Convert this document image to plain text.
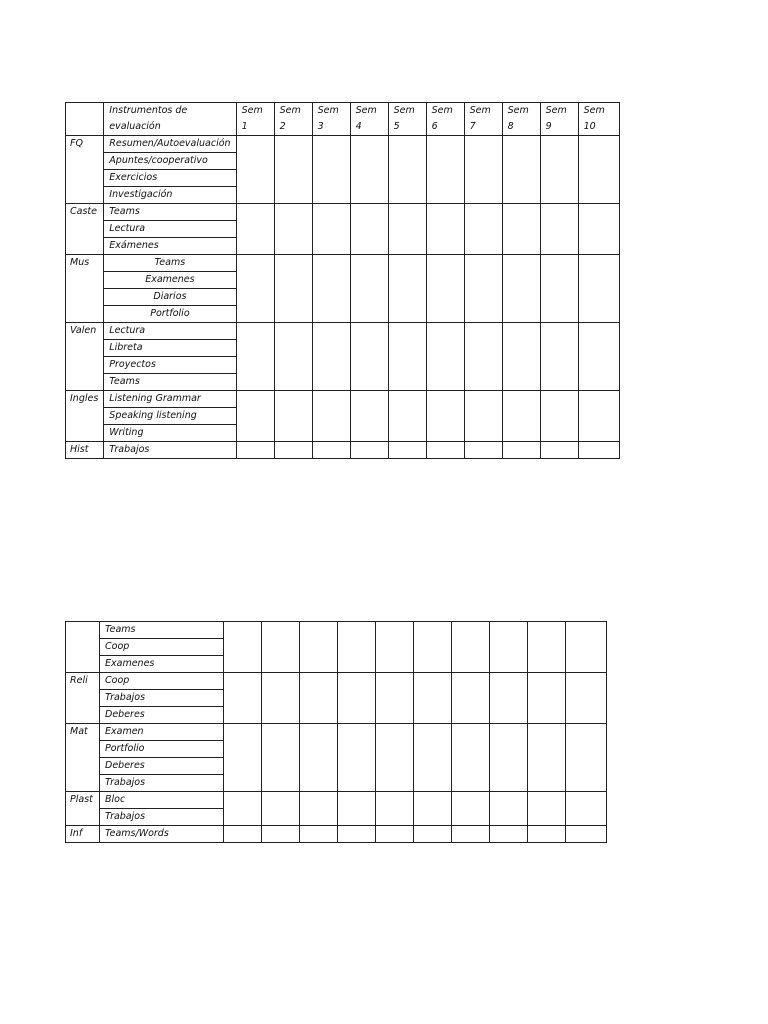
	Instrumentos de evaluación	Sem 1	Sem 2	Sem 3	Sem 4	Sem 5	Sem 6	Sem 7	Sem 8	Sem 9	Sem 10
FQ	Resumen/Autoevaluación										
	Apuntes/cooperativo										
	Exercicios										
	Investigación										
Caste	Teams										
	Lectura										
	Exámenes										
Mus	Teams										
	Examenes										
	Diarios										
	Portfolio										
Valen	Lectura										
	Libreta										
	Proyectos										
	Teams										
Ingles	Listening Grammar										
	Speaking listening										
	Writing										
Hist	Trabajos										
	Teams										
	Coop										
	Examenes										
Reli	Coop										
	Trabajos										
	Deberes										
Mat	Examen										
	Portfolio										
	Deberes										
	Trabajos										
Plast	Bloc										
	Trabajos										
Inf	Teams/Words										
